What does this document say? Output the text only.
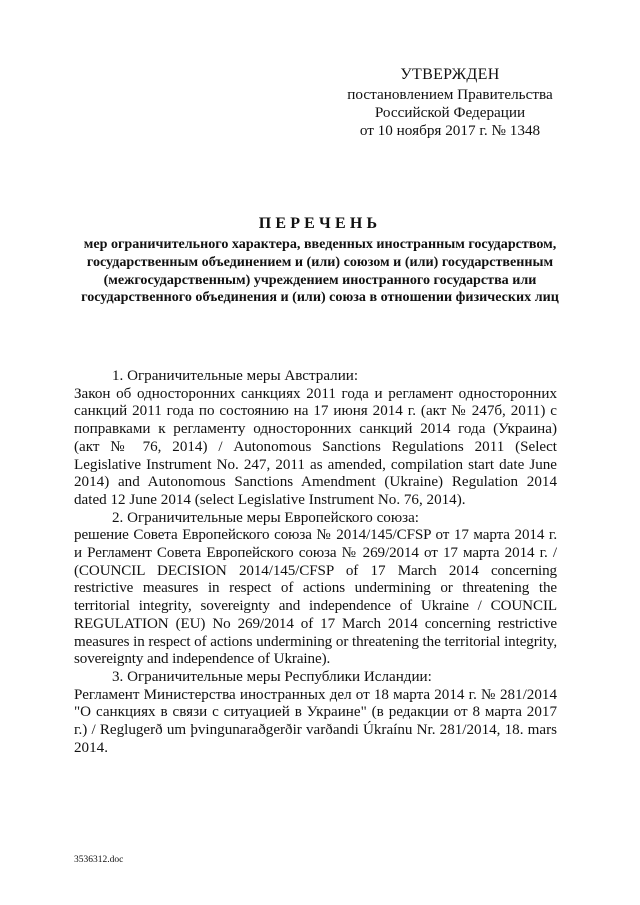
УТВЕРЖДЕН
постановлением Правительства
Российской Федерации
от 10 ноября 2017 г. № 1348
ПЕРЕЧЕНЬ
мер ограничительного характера, введенных иностранным государством, государственным объединением и (или) союзом и (или) государственным (межгосударственным) учреждением иностранного государства или государственного объединения и (или) союза в отношении физических лиц
1. Ограничительные меры Австралии:

Закон об односторонних санкциях 2011 года и регламент односторонних санкций 2011 года по состоянию на 17 июня 2014 г. (акт № 247б, 2011) с поправками к регламенту односторонних санкций 2014 года (Украина) (акт № 76, 2014) / Autonomous Sanctions Regulations 2011 (Select Legislative Instrument No. 247, 2011 as amended, compilation start date June 2014) and Autonomous Sanctions Amendment (Ukraine) Regulation 2014 dated 12 June 2014 (select Legislative Instrument No. 76, 2014).

2. Ограничительные меры Европейского союза:

решение Совета Европейского союза № 2014/145/CFSP от 17 марта 2014 г. и Регламент Совета Европейского союза № 269/2014 от 17 марта 2014 г. / (COUNCIL DECISION 2014/145/CFSP of 17 March 2014 concerning restrictive measures in respect of actions undermining or threatening the territorial integrity, sovereignty and independence of Ukraine / COUNCIL REGULATION (EU) No 269/2014 of 17 March 2014 concerning restrictive measures in respect of actions undermining or threatening the territorial integrity, sovereignty and independence of Ukraine).

3. Ограничительные меры Республики Исландии:

Регламент Министерства иностранных дел от 18 марта 2014 г. № 281/2014 "О санкциях в связи с ситуацией в Украине" (в редакции от 8 марта 2017 г.) / Reglugerð um þvingunaraðgerðir varðandi Úkraínu Nr. 281/2014, 18. mars 2014.

3536312.doc
